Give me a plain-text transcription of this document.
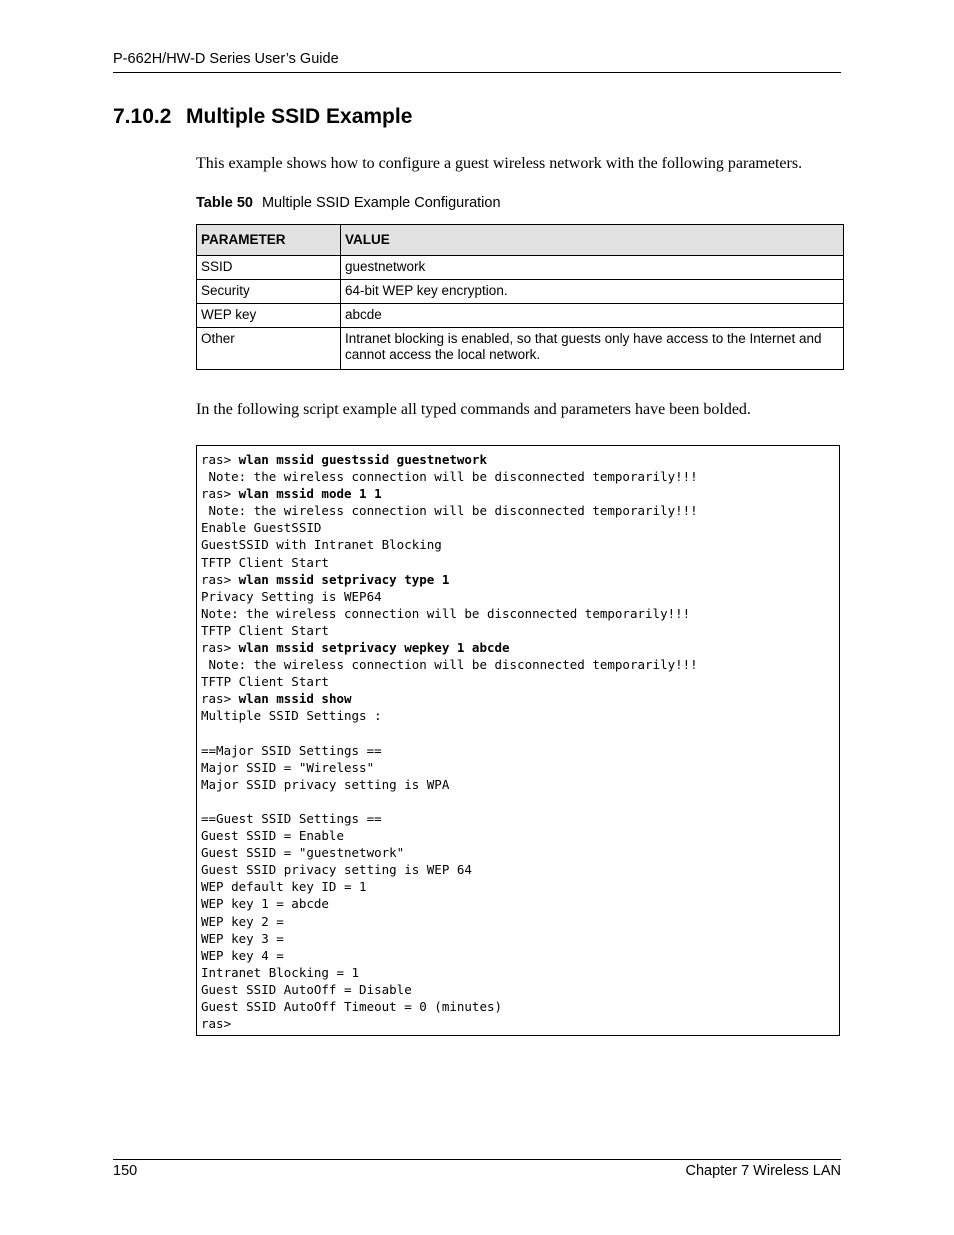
P-662H/HW-D Series User’s Guide
7.10.2 Multiple SSID Example
This example shows how to configure a guest wireless network with the following parameters.
Table 50 Multiple SSID Example Configuration
PARAMETER	VALUE
SSID	guestnetwork
Security	64-bit WEP key encryption.
WEP key	abcde
Other	Intranet blocking is enabled, so that guests only have access to the Internet and cannot access the local network.
In the following script example all typed commands and parameters have been bolded.
ras> wlan mssid guestssid guestnetwork
Note: the wireless connection will be disconnected temporarily!!!
ras> wlan mssid mode 1 1
Note: the wireless connection will be disconnected temporarily!!!
Enable GuestSSID
GuestSSID with Intranet Blocking
TFTP Client Start
ras> wlan mssid setprivacy type 1
Privacy Setting is WEP64
Note: the wireless connection will be disconnected temporarily!!!
TFTP Client Start
ras> wlan mssid setprivacy wepkey 1 abcde
Note: the wireless connection will be disconnected temporarily!!!
TFTP Client Start
ras> wlan mssid show
Multiple SSID Settings :
==Major SSID Settings ==
Major SSID = "Wireless"
Major SSID privacy setting is WPA
==Guest SSID Settings ==
Guest SSID = Enable
Guest SSID = "guestnetwork"
Guest SSID privacy setting is WEP 64
WEP default key ID = 1
WEP key 1 = abcde
WEP key 2 =
WEP key 3 =
WEP key 4 =
Intranet Blocking = 1
Guest SSID AutoOff = Disable
Guest SSID AutoOff Timeout = 0 (minutes)
ras>
150	Chapter 7 Wireless LAN
